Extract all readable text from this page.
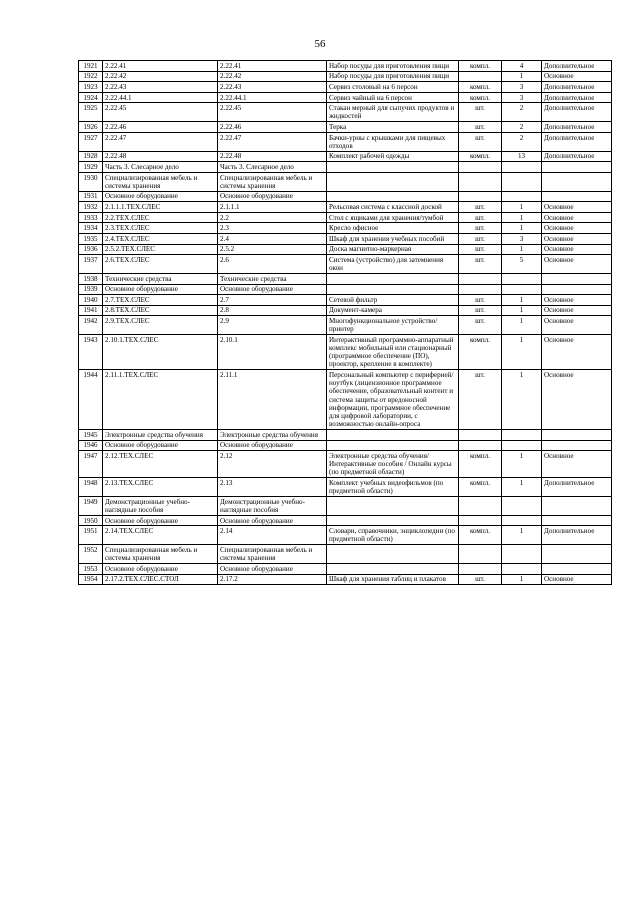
56
1921	2.22.41	2.22.41	Набор посуды для приготовления пищи	компл.	4	Дополнительное
1922	2.22.42	2.22.42	Набор посуды для приготовления пищи		1	Основное
1923	2.22.43	2.22.43	Сервиз столовый на 6 персон	компл.	3	Дополнительное
1924	2.22.44.1	2.22.44.1	Сервиз чайный на 6 персон	компл.	3	Дополнительное
1925	2.22.45	2.22.45	Стакан мерный для сыпучих продуктов и жидкостей	шт.	2	Дополнительное
1926	2.22.46	2.22.46	Терка	шт.	2	Дополнительное
1927	2.22.47	2.22.47	Бачки-урны с крышками для пищевых отходов	шт.	2	Дополнительное
1928	2.22.48	2.22.48	Комплект рабочей одежды	компл.	13	Дополнительное
1929	Часть 3. Слесарное дело	Часть 3. Слесарное дело				
1930	Специализированная мебель и системы хранения	Специализированная мебель и системы хранения				
1931	Основное оборудование	Основное оборудование				
1932	2.1.1.1.ТЕХ.СЛЕС	2.1.1.1	Рельсовая система с классной доской	шт.	1	Основное
1933	2.2.ТЕХ.СЛЕС	2.2	Стол с ящиками для хранения/тумбой	шт.	1	Основное
1934	2.3.ТЕХ.СЛЕС	2.3	Кресло офисное	шт.	1	Основное
1935	2.4.ТЕХ.СЛЕС	2.4	Шкаф для хранения учебных пособий	шт.	3	Основное
1936	2.5.2.ТЕХ.СЛЕС	2.5.2	Доска магнитно-маркерная	шт.	1	Основное
1937	2.6.ТЕХ.СЛЕС	2.6	Система (устройство) для затемнения окон	шт.	5	Основное
1938	Технические средства	Технические средства				
1939	Основное оборудование	Основное оборудование				
1940	2.7.ТЕХ.СЛЕС	2.7	Сетевой фильтр	шт.	1	Основное
1941	2.8.ТЕХ.СЛЕС	2.8	Документ-камера	шт.	1	Основное
1942	2.9.ТЕХ.СЛЕС	2.9	Многофункциональное устройство/принтер	шт.	1	Основное
1943	2.10.1.ТЕХ.СЛЕС	2.10.1	Интерактивный программно-аппаратный комплекс мобильный или стационарный (программное обеспечение (ПО), проектор, крепление в комплекте)	компл.	1	Основное
1944	2.11.1.ТЕХ.СЛЕС	2.11.1	Персональный компьютер с периферией/ноутбук (лицензионное программное обеспечение, образовательный контент и система защиты от вредоносной информации, программное обеспечение для цифровой лаборатории, с возможностью онлайн-опроса	шт.	1	Основное
1945	Электронные средства обучения	Электронные средства обучения				
1946	Основное оборудование	Основное оборудование				
1947	2.12.ТЕХ.СЛЕС	2.12	Электронные средства обучения/Интерактивные пособия / Онлайн курсы (по предметной области)	компл.	1	Основное
1948	2.13.ТЕХ.СЛЕС	2.13	Комплект учебных видеофильмов (по предметной области)	компл.	1	Дополнительное
1949	Демонстрационные учебно-наглядные пособия	Демонстрационные учебно-наглядные пособия				
1950	Основное оборудование	Основное оборудование				
1951	2.14.ТЕХ.СЛЕС	2.14	Словари, справочники, энциклопедии (по предметной области)	компл.	1	Дополнительное
1952	Специализированная мебель и системы хранения	Специализированная мебель и системы хранения				
1953	Основное оборудование	Основное оборудование				
1954	2.17.2.ТЕХ.СЛЕС.СТОЛ	2.17.2	Шкаф для хранения таблиц и плакатов	шт.	1	Основное
